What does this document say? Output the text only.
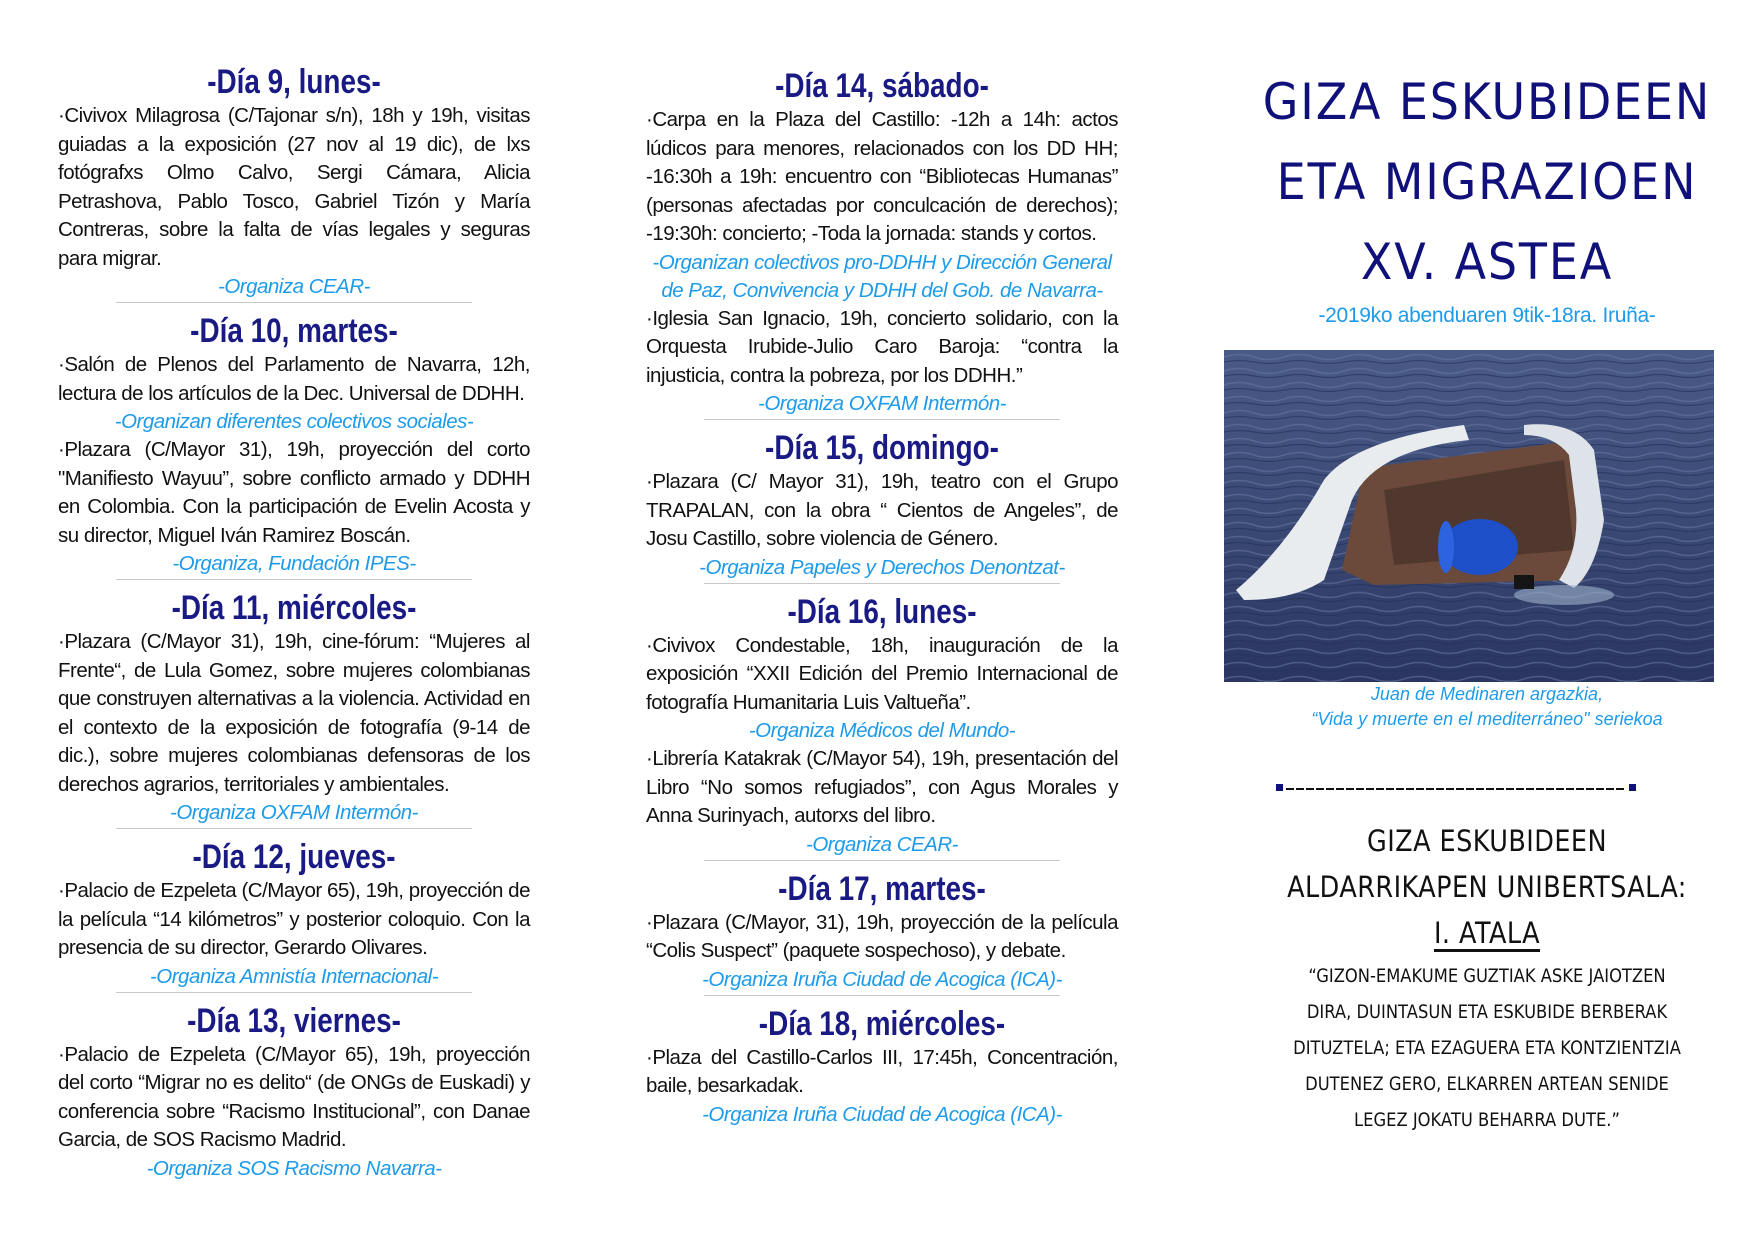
-Día 9, lunes-

·Civivox Milagrosa (C/Tajonar s/n), 18h y 19h, visitas guiadas a la exposición (27 nov al 19 dic), de lxs fotógrafxs Olmo Calvo, Sergi Cámara, Alicia Petrashova, Pablo Tosco, Gabriel Tizón y María Contreras, sobre la falta de vías legales y seguras para migrar.

-Organiza CEAR-

-Día 10, martes-

·Salón de Plenos del Parlamento de Navarra, 12h, lectura de los artículos de la Dec. Universal de DDHH.

-Organizan diferentes colectivos sociales-

·Plazara (C/Mayor 31), 19h, proyección del corto "Manifiesto Wayuu”, sobre conflicto armado y DDHH en Colombia. Con la participación de Evelin Acosta y su director, Miguel Iván Ramirez Boscán.

-Organiza, Fundación IPES-

-Día 11, miércoles-

·Plazara (C/Mayor 31), 19h, cine-fórum: “Mujeres al Frente“, de Lula Gomez, sobre mujeres colombianas que construyen alternativas a la violencia. Actividad en el contexto de la exposición de fotografía (9-14 de dic.), sobre mujeres colombianas defensoras de los derechos agrarios, territoriales y ambientales.

-Organiza OXFAM Intermón-

-Día 12, jueves-

·Palacio de Ezpeleta (C/Mayor 65), 19h, proyección de la película “14 kilómetros” y posterior coloquio. Con la presencia de su director, Gerardo Olivares.

-Organiza Amnistía Internacional-

-Día 13, viernes-

·Palacio de Ezpeleta (C/Mayor 65), 19h, proyección del corto “Migrar no es delito“ (de ONGs de Euskadi) y conferencia sobre “Racismo Institucional”, con Danae Garcia, de SOS Racismo Madrid.

-Organiza SOS Racismo Navarra-

-Día 14, sábado-

·Carpa en la Plaza del Castillo: -12h a 14h: actos lúdicos para menores, relacionados con los DD HH; -16:30h a 19h: encuentro con “Bibliotecas Humanas” (personas afectadas por conculcación de derechos); -19:30h: concierto; -Toda la jornada: stands y cortos.

-Organizan colectivos pro-DDHH y Dirección General de Paz, Convivencia y DDHH del Gob. de Navarra-

·Iglesia San Ignacio, 19h, concierto solidario, con la Orquesta Irubide-Julio Caro Baroja: “contra la injusticia, contra la pobreza, por los DDHH.”

-Organiza OXFAM Intermón-

-Día 15, domingo-

·Plazara (C/ Mayor 31), 19h, teatro con el Grupo TRAPALAN, con la obra “ Cientos de Angeles”, de Josu Castillo, sobre violencia de Género.

-Organiza Papeles y Derechos Denontzat-

-Día 16, lunes-

·Civivox Condestable, 18h, inauguración de la exposición “XXII Edición del Premio Internacional de fotografía Humanitaria Luis Valtueña”.

-Organiza Médicos del Mundo-

·Librería Katakrak (C/Mayor 54), 19h, presentación del Libro “No somos refugiados”, con Agus Morales y Anna Surinyach, autorxs del libro.

-Organiza CEAR-

-Día 17, martes-

·Plazara (C/Mayor, 31), 19h, proyección de la película “Colis Suspect” (paquete sospechoso), y debate.

-Organiza Iruña Ciudad de Acogica (ICA)-

-Día 18, miércoles-

·Plaza del Castillo-Carlos III, 17:45h, Concentración, baile, besarkadak.

-Organiza Iruña Ciudad de Acogica (ICA)-

GIZA ESKUBIDEEN
ETA MIGRAZIOEN
XV. ASTEA
-2019ko abenduaren 9tik-18ra. Iruña-
Juan de Medinaren argazkia,
“Vida y muerte en el mediterráneo" seriekoa
GIZA ESKUBIDEEN
ALDARRIKAPEN UNIBERTSALA:
I. ATALA
“GIZON-EMAKUME GUZTIAK ASKE JAIOTZEN
DIRA, DUINTASUN ETA ESKUBIDE BERBERAK
DITUZTELA; ETA EZAGUERA ETA KONTZIENTZIA
DUTENEZ GERO, ELKARREN ARTEAN SENIDE
LEGEZ JOKATU BEHARRA DUTE.”
